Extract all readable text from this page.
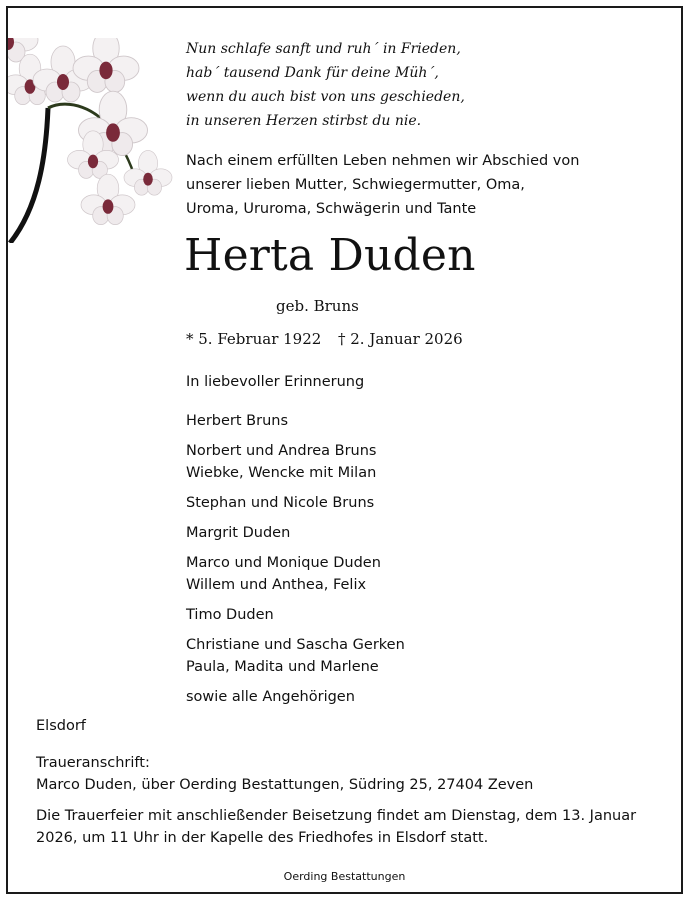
Nun schlafe sanft und ruh´ in Frieden,
hab´ tausend Dank für deine Müh´,
wenn du auch bist von uns geschieden,
in unseren Herzen stirbst du nie.
Nach einem erfüllten Leben nehmen wir Abschied von
unserer lieben Mutter, Schwiegermutter, Oma,
Uroma, Ururoma, Schwägerin und Tante
Herta Duden
geb. Bruns
* 5. Februar 1922 † 2. Januar 2026
In liebevoller Erinnerung
Herbert Bruns
Norbert und Andrea Bruns
Wiebke, Wencke mit Milan
Stephan und Nicole Bruns
Margrit Duden
Marco und Monique Duden
Willem und Anthea, Felix
Timo Duden
Christiane und Sascha Gerken
Paula, Madita und Marlene
sowie alle Angehörigen
Elsdorf
Traueranschrift:
Marco Duden, über Oerding Bestattungen, Südring 25, 27404 Zeven
Die Trauerfeier mit anschließender Beisetzung findet am Dienstag, dem 13. Januar 2026, um 11 Uhr in der Kapelle des Friedhofes in Elsdorf statt.
Oerding Bestattungen
